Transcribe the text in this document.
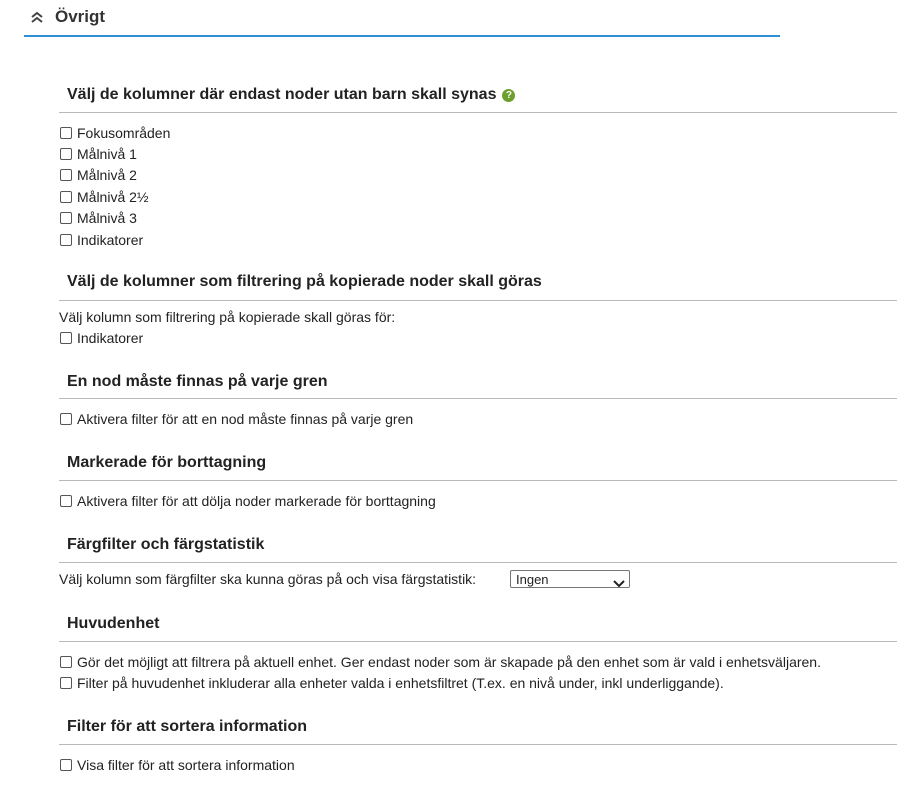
Övrigt
Välj de kolumner där endast noder utan barn skall synas ?
Fokusområden
Målnivå 1
Målnivå 2
Målnivå 2½
Målnivå 3
Indikatorer
Välj de kolumner som filtrering på kopierade noder skall göras
Välj kolumn som filtrering på kopierade skall göras för:
Indikatorer
En nod måste finnas på varje gren
Aktivera filter för att en nod måste finnas på varje gren
Markerade för borttagning
Aktivera filter för att dölja noder markerade för borttagning
Färgfilter och färgstatistik
Välj kolumn som färgfilter ska kunna göras på och visa färgstatistik:	Ingen
Huvudenhet
Gör det möjligt att filtrera på aktuell enhet. Ger endast noder som är skapade på den enhet som är vald i enhetsväljaren.
Filter på huvudenhet inkluderar alla enheter valda i enhetsfiltret (T.ex. en nivå under, inkl underliggande).
Filter för att sortera information
Visa filter för att sortera information
